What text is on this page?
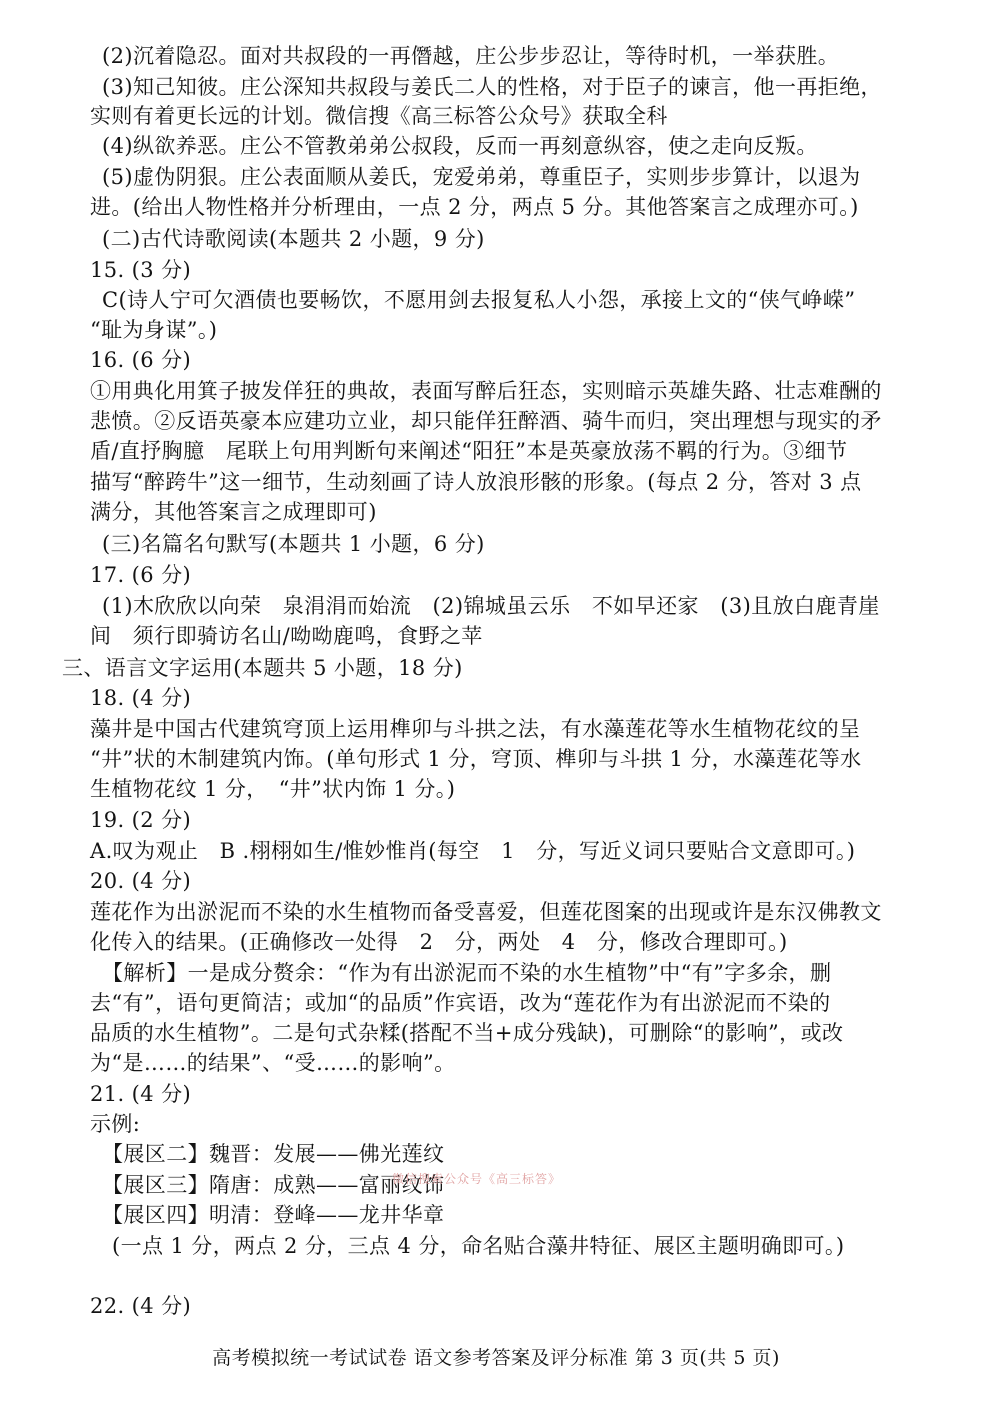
(2)沉着隐忍。面对共叔段的一再僭越，庄公步步忍让，等待时机，一举获胜。
(3)知己知彼。庄公深知共叔段与姜氏二人的性格，对于臣子的谏言，他一再拒绝，
实则有着更长远的计划。微信搜《高三标答公众号》获取全科
(4)纵欲养恶。庄公不管教弟弟公叔段，反而一再刻意纵容，使之走向反叛。
(5)虚伪阴狠。庄公表面顺从姜氏，宠爱弟弟，尊重臣子，实则步步算计，以退为
进。(给出人物性格并分析理由，一点 2 分，两点 5 分。其他答案言之成理亦可。)
(二)古代诗歌阅读(本题共 2 小题，9 分)
15. (3 分)
C(诗人宁可欠酒债也要畅饮，不愿用剑去报复私人小怨，承接上文的“侠气峥嵘”
“耻为身谋”。)
16. (6 分)
①用典化用箕子披发佯狂的典故，表面写醉后狂态，实则暗示英雄失路、壮志难酬的
悲愤。②反语英豪本应建功立业，却只能佯狂醉酒、骑牛而归，突出理想与现实的矛
盾/直抒胸臆　尾联上句用判断句来阐述“阳狂”本是英豪放荡不羁的行为。③细节
描写“醉跨牛”这一细节，生动刻画了诗人放浪形骸的形象。(每点 2 分，答对 3 点
满分，其他答案言之成理即可)
(三)名篇名句默写(本题共 1 小题，6 分)
17. (6 分)
(1)木欣欣以向荣　泉涓涓而始流　(2)锦城虽云乐　不如早还家　(3)且放白鹿青崖
间　须行即骑访名山/呦呦鹿鸣，食野之苹
三、语言文字运用(本题共 5 小题，18 分)
18. (4 分)
藻井是中国古代建筑穹顶上运用榫卯与斗拱之法，有水藻莲花等水生植物花纹的呈
“井”状的木制建筑内饰。(单句形式 1 分，穹顶、榫卯与斗拱 1 分，水藻莲花等水
生植物花纹 1 分，　“井”状内饰 1 分。)
19. (2 分)
A.叹为观止　B .栩栩如生/惟妙惟肖(每空　1　分，写近义词只要贴合文意即可。)
20. (4 分)
莲花作为出淤泥而不染的水生植物而备受喜爱，但莲花图案的出现或许是东汉佛教文
化传入的结果。(正确修改一处得　2　分，两处　4　分，修改合理即可。)
【解析】一是成分赘余：“作为有出淤泥而不染的水生植物”中“有”字多余，删
去“有”，语句更简洁；或加“的品质”作宾语，改为“莲花作为有出淤泥而不染的
品质的水生植物”。二是句式杂糅(搭配不当+成分残缺)，可删除“的影响”，或改
为“是……的结果”、“受……的影响”。
21. (4 分)
示例:
【展区二】魏晋：发展——佛光莲纹
【展区三】隋唐：成熟——富丽纹饰
【展区四】明清：登峰——龙井华章
(一点 1 分，两点 2 分，三点 4 分，命名贴合藻井特征、展区主题明确即可。)
22. (4 分)
微信搜索公众号《高三标答》
高考模拟统一考试试卷 语文参考答案及评分标准 第 3 页(共 5 页)
